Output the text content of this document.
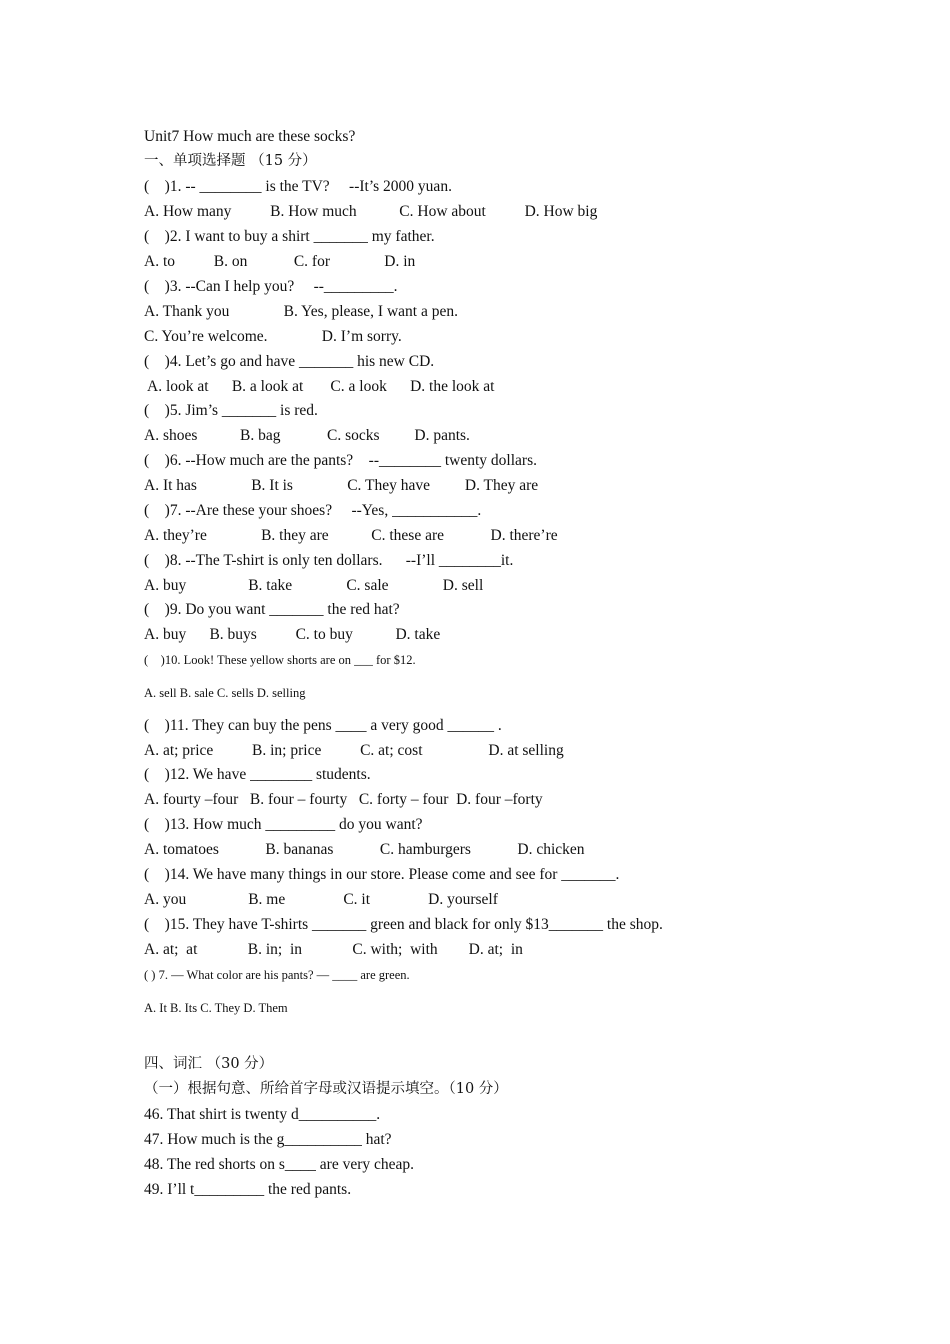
Unit7 How much are these socks?
一、单项选择题 （15 分）
(    )1. -- ________ is the TV?     --It’s 2000 yuan.
A. How many          B. How much           C. How about          D. How big
(    )2. I want to buy a shirt _______ my father.
A. to          B. on            C. for              D. in
(    )3. --Can I help you?     --_________.
A. Thank you              B. Yes, please, I want a pen.
C. You’re welcome.              D. I’m sorry.
(    )4. Let’s go and have _______ his new CD.
A. look at      B. a look at       C. a look      D. the look at
(    )5. Jim’s _______ is red.
A. shoes           B. bag            C. socks         D. pants.
(    )6. --How much are the pants?    --________ twenty dollars.
A. It has              B. It is              C. They have         D. They are
(    )7. --Are these your shoes?     --Yes, ___________.
A. they’re              B. they are           C. these are            D. there’re
(    )8. --The T-shirt is only ten dollars.      --I’ll ________it.
A. buy                B. take              C. sale              D. sell
(    )9. Do you want _______ the red hat?
A. buy      B. buys          C. to buy           D. take
(    )10. Look! These yellow shorts are on ___ for $12.
A. sell B. sale C. sells D. selling
(    )11. They can buy the pens ____ a very good ______ .
A. at; price          B. in; price          C. at; cost                 D. at selling
(    )12. We have ________ students.
A. fourty –four   B. four – fourty   C. forty – four  D. four –forty
(    )13. How much _________ do you want?
A. tomatoes            B. bananas            C. hamburgers            D. chicken
(    )14. We have many things in our store. Please come and see for _______.
A. you                B. me               C. it               D. yourself
(    )15. They have T-shirts _______ green and black for only $13_______ the shop.
A. at;  at             B. in;  in             C. with;  with        D. at;  in
( ) 7. — What color are his pants? — ____ are green.
A. It B. Its C. They D. Them
四、词汇 （30 分）
（一）根据句意、所给首字母或汉语提示填空。（10 分）
46. That shirt is twenty d__________.
47. How much is the g__________ hat?
48. The red shorts on s____ are very cheap.
49. I’ll t_________ the red pants.
